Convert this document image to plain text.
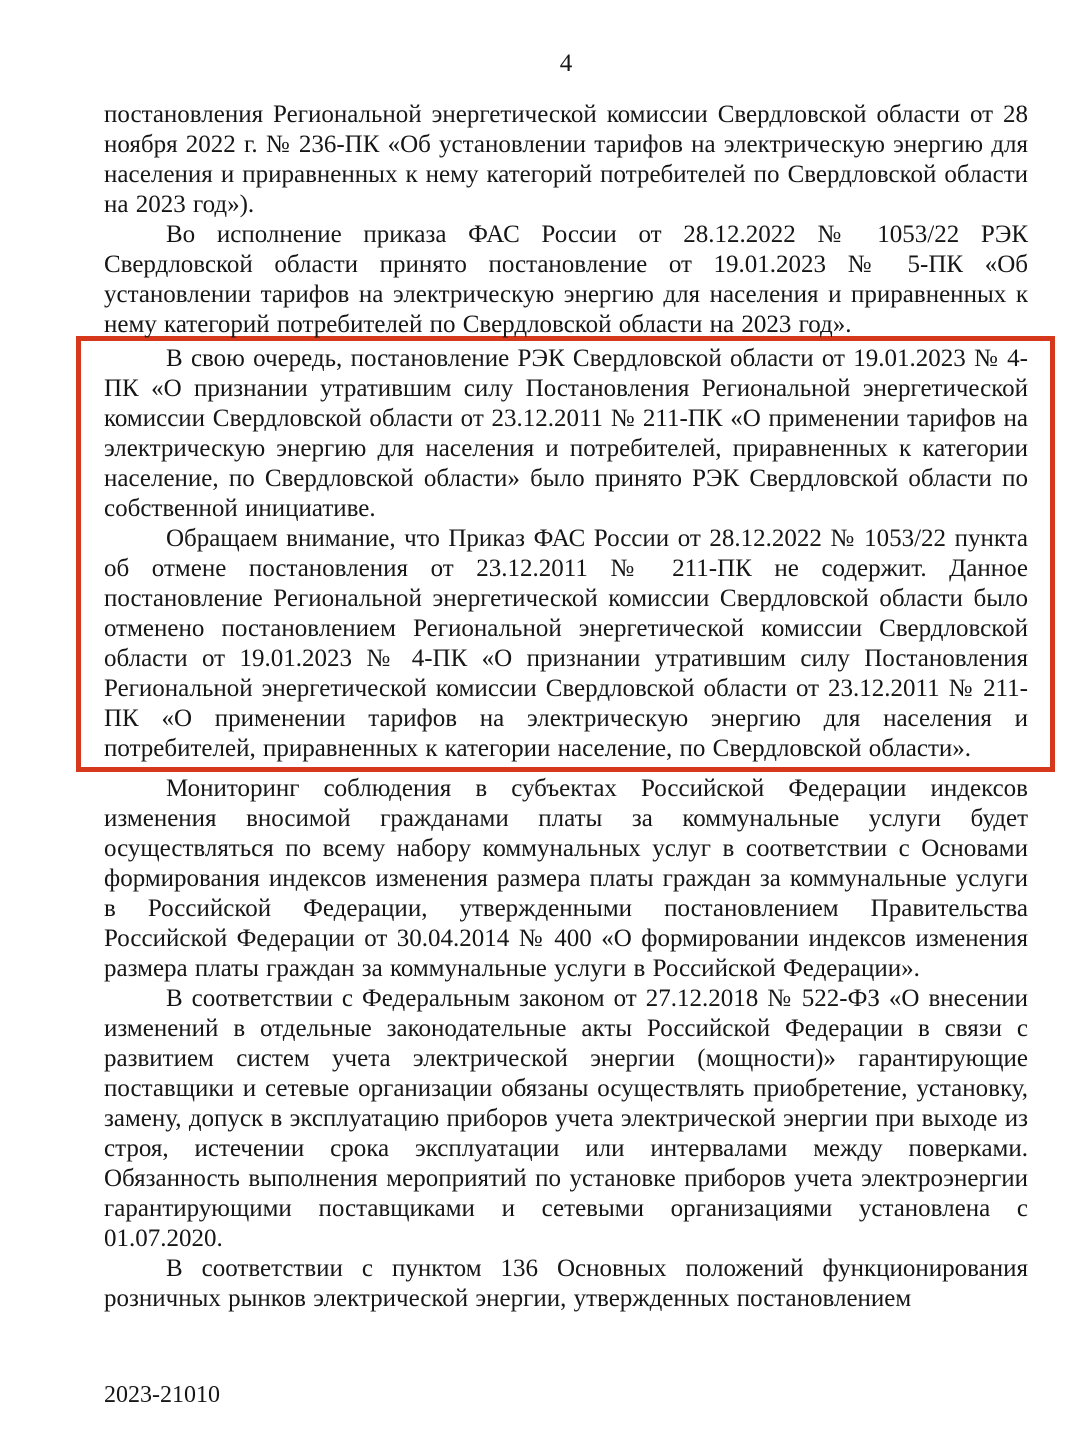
4

постановления Региональной энергетической комиссии Свердловской области от 28 ноября 2022 г. № 236-ПК «Об установлении тарифов на электрическую энергию для населения и приравненных к нему категорий потребителей по Свердловской области на 2023 год»).

Во исполнение приказа ФАС России от 28.12.2022 № 1053/22 РЭК Свердловской области принято постановление от 19.01.2023 № 5-ПК «Об установлении тарифов на электрическую энергию для населения и приравненных к нему категорий потребителей по Свердловской области на 2023 год».

В свою очередь, постановление РЭК Свердловской области от 19.01.2023 № 4-ПК «О признании утратившим силу Постановления Региональной энергетической комиссии Свердловской области от 23.12.2011 № 211-ПК «О применении тарифов на электрическую энергию для населения и потребителей, приравненных к категории население, по Свердловской области» было принято РЭК Свердловской области по собственной инициативе.

Обращаем внимание, что Приказ ФАС России от 28.12.2022 № 1053/22 пункта об отмене постановления от 23.12.2011 № 211-ПК не содержит. Данное постановление Региональной энергетической комиссии Свердловской области было отменено постановлением Региональной энергетической комиссии Свердловской области от 19.01.2023 № 4-ПК «О признании утратившим силу Постановления Региональной энергетической комиссии Свердловской области от 23.12.2011 № 211-ПК «О применении тарифов на электрическую энергию для населения и потребителей, приравненных к категории население, по Свердловской области».

Мониторинг соблюдения в субъектах Российской Федерации индексов изменения вносимой гражданами платы за коммунальные услуги будет осуществляться по всему набору коммунальных услуг в соответствии с Основами формирования индексов изменения размера платы граждан за коммунальные услуги в Российской Федерации, утвержденными постановлением Правительства Российской Федерации от 30.04.2014 № 400 «О формировании индексов изменения размера платы граждан за коммунальные услуги в Российской Федерации».

В соответствии с Федеральным законом от 27.12.2018 № 522-ФЗ «О внесении изменений в отдельные законодательные акты Российской Федерации в связи с развитием систем учета электрической энергии (мощности)» гарантирующие поставщики и сетевые организации обязаны осуществлять приобретение, установку, замену, допуск в эксплуатацию приборов учета электрической энергии при выходе из строя, истечении срока эксплуатации или интервалами между поверками. Обязанность выполнения мероприятий по установке приборов учета электроэнергии гарантирующими поставщиками и сетевыми организациями установлена с 01.07.2020.

В соответствии с пунктом 136 Основных положений функционирования розничных рынков электрической энергии, утвержденных постановлением

2023-21010
